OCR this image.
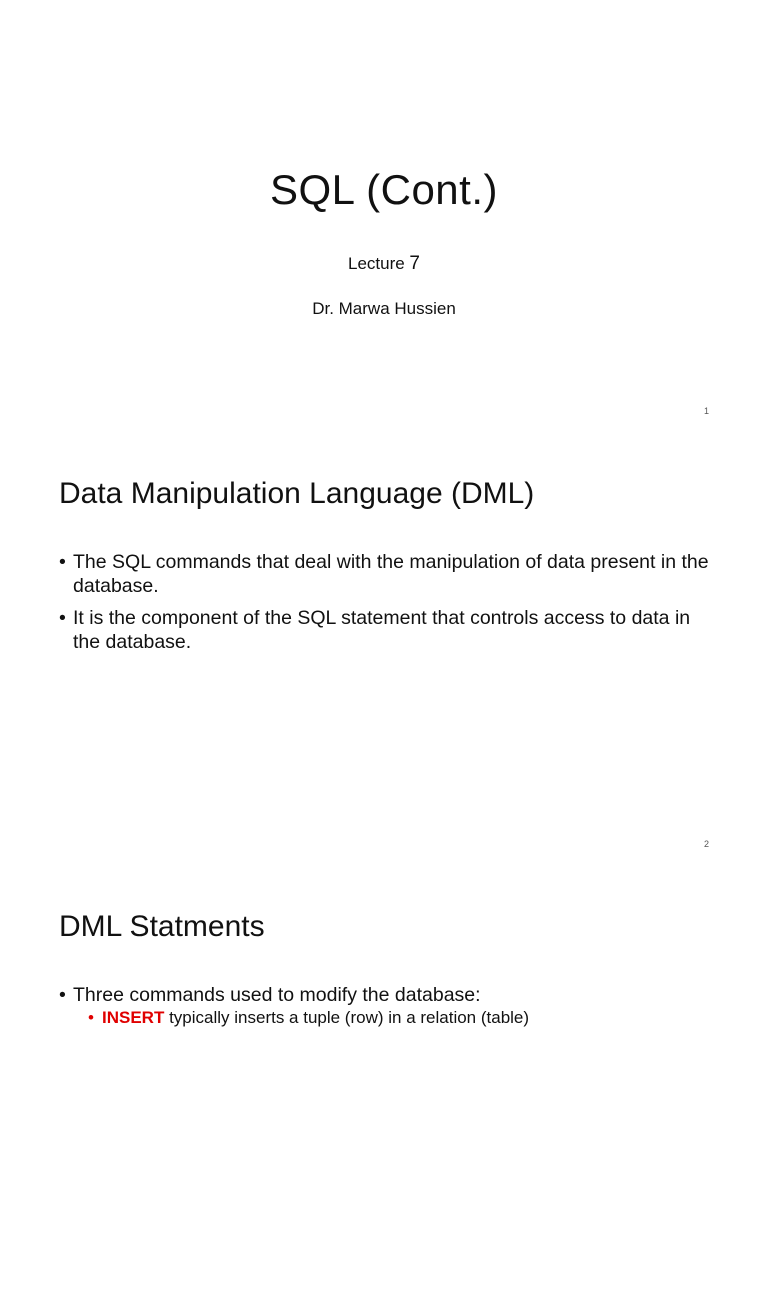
SQL (Cont.)
Lecture 7
Dr. Marwa Hussien
1
Data Manipulation Language (DML)
• The SQL commands that deal with the manipulation of data present in the database.
• It is the component of the SQL statement that controls access to data in the database.
2
DML Statments
• Three commands used to modify the database:
• INSERT typically inserts a tuple (row) in a relation (table)
